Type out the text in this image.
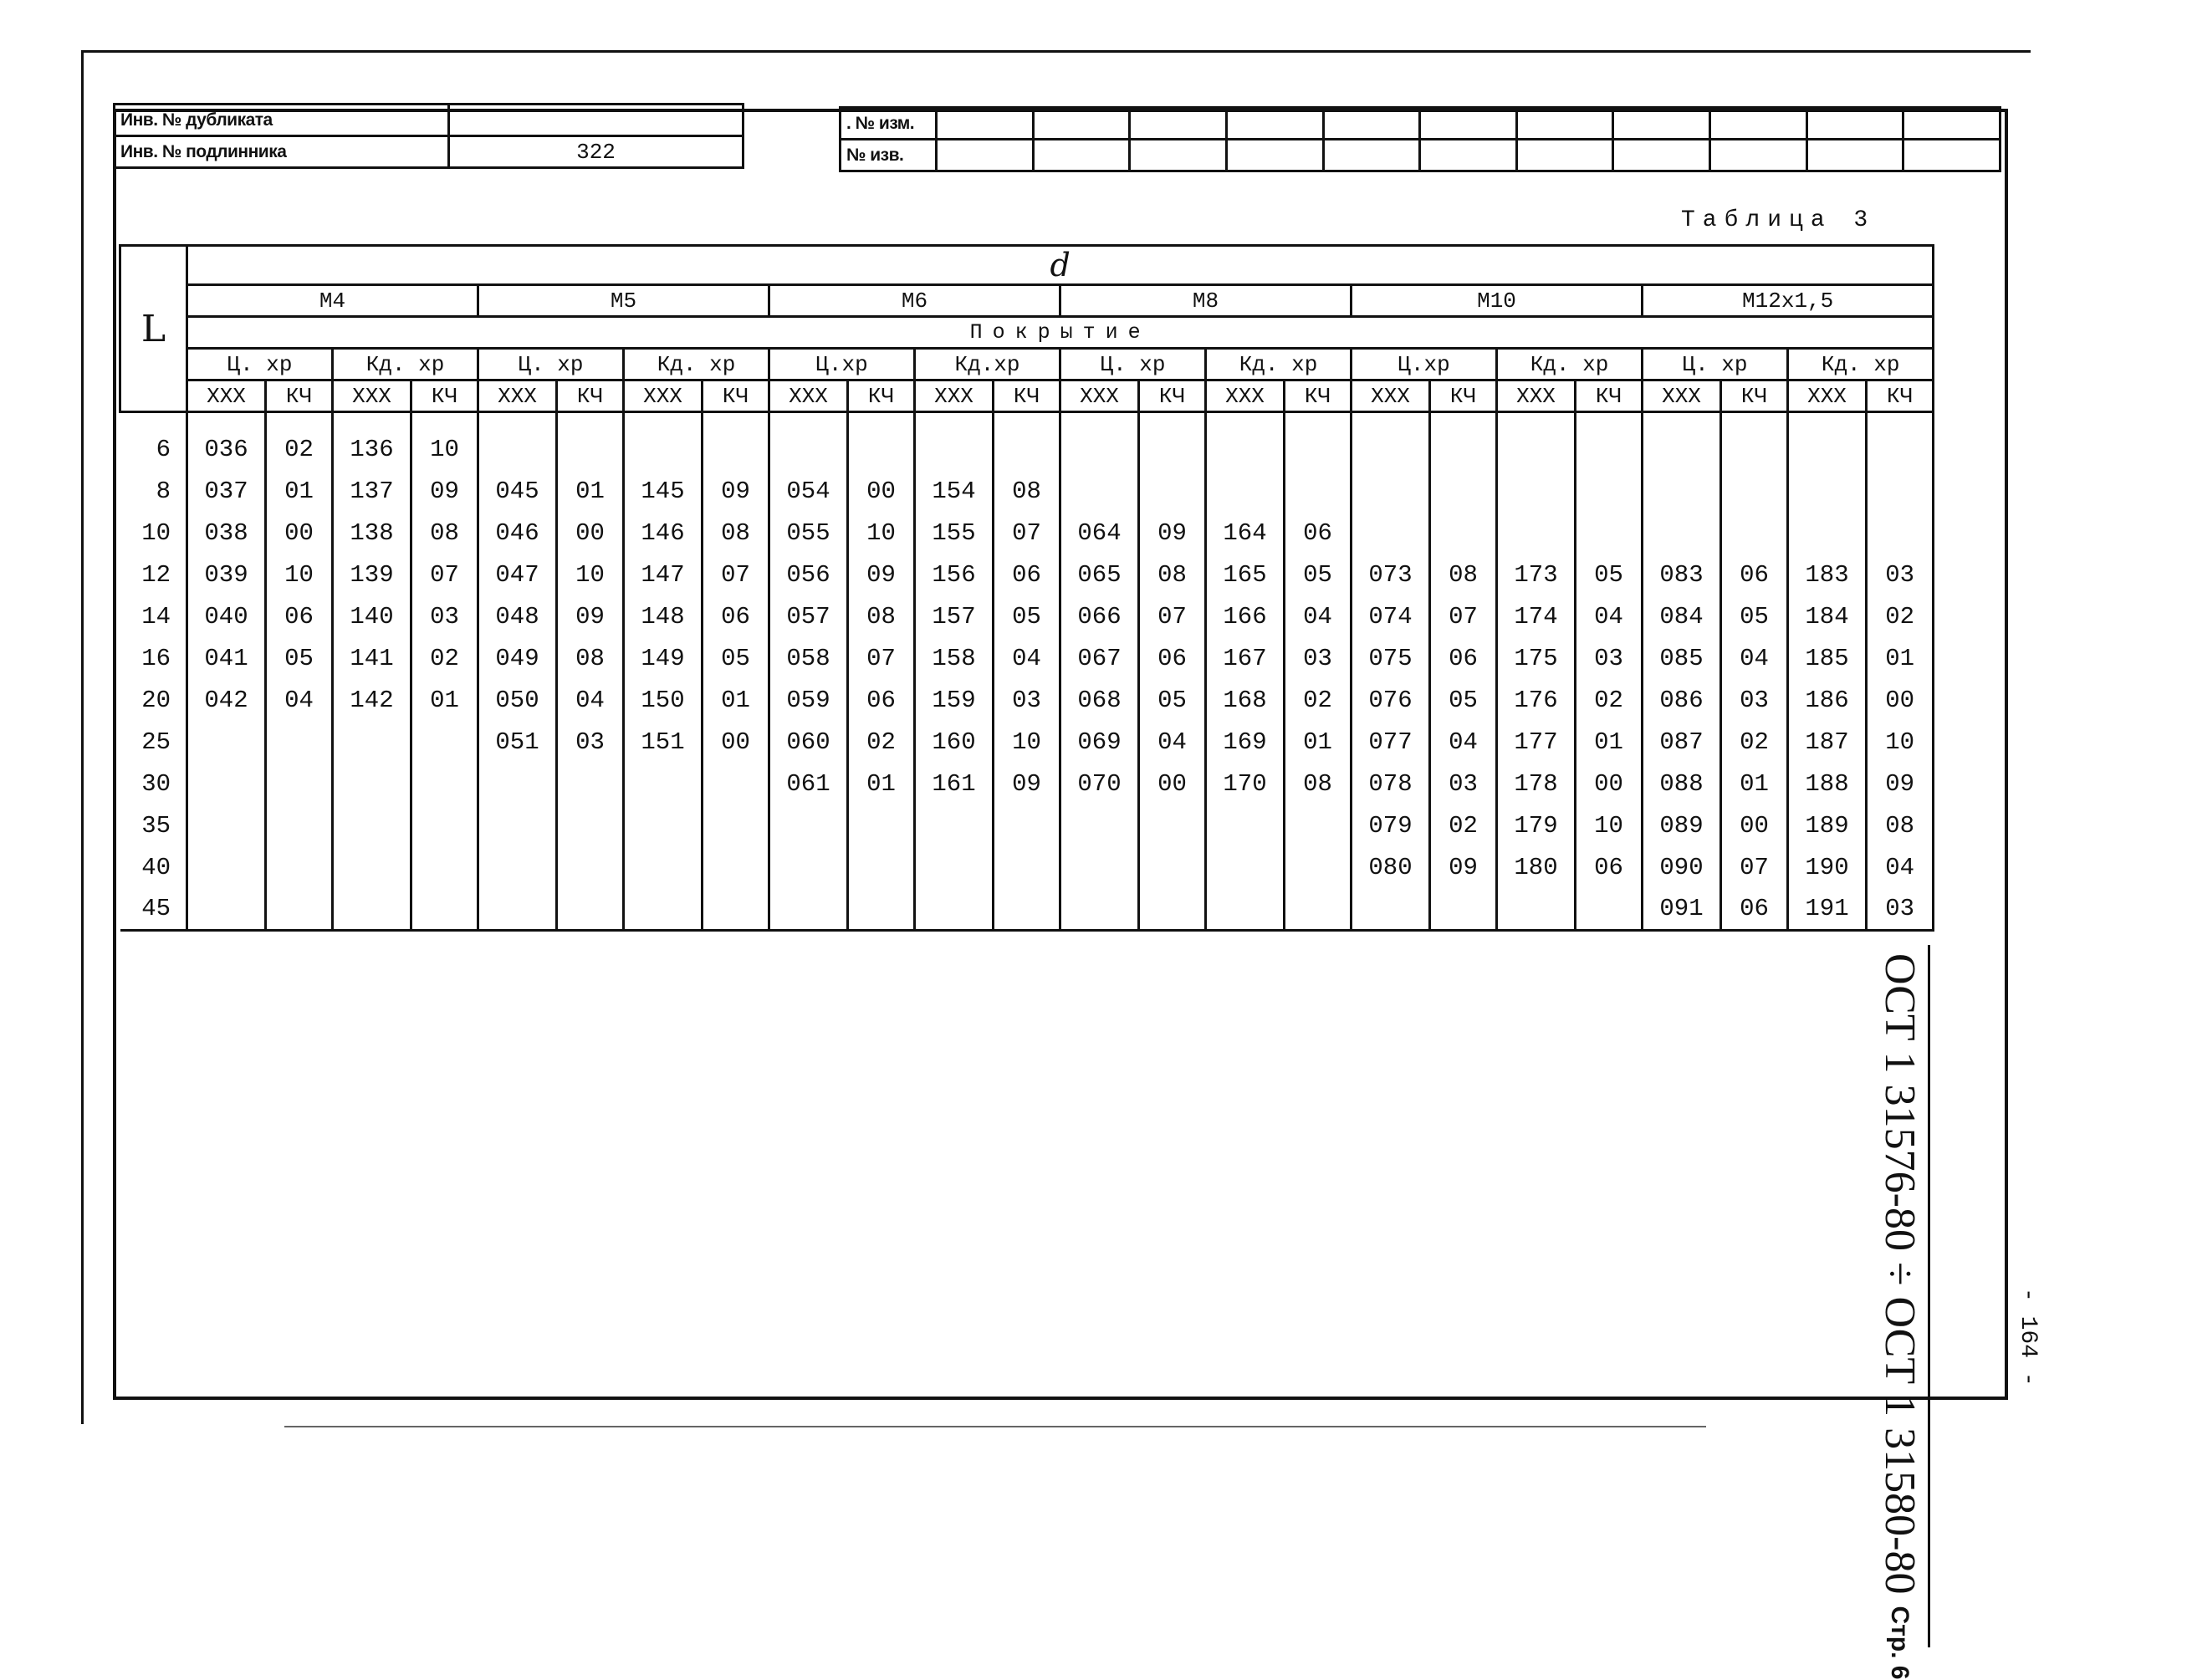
Инв. № дубликата	
Инв. № подлинника	322
. № изм.											
№ изв.											
Таблица 3
L	d																							
	М4				М5				М6				М8				М10				М12х1,5			
	Покрытие																							
	Ц. хр		Кд. хр		Ц. хр		Кд. хр		Ц.хр		Кд.хр		Ц. хр		Кд. хр		Ц.хр		Кд. хр		Ц. хр		Кд. хр	
	ХХХ	КЧ	ХХХ	КЧ	ХХХ	КЧ	ХХХ	КЧ	ХХХ	КЧ	ХХХ	КЧ	ХХХ	КЧ	ХХХ	КЧ	ХХХ	КЧ	ХХХ	КЧ	ХХХ	КЧ	ХХХ	КЧ

6	036	02	136	10																				
8	037	01	137	09	045	01	145	09	054	00	154	08												
10	038	00	138	08	046	00	146	08	055	10	155	07	064	09	164	06								
12	039	10	139	07	047	10	147	07	056	09	156	06	065	08	165	05	073	08	173	05	083	06	183	03
14	040	06	140	03	048	09	148	06	057	08	157	05	066	07	166	04	074	07	174	04	084	05	184	02
16	041	05	141	02	049	08	149	05	058	07	158	04	067	06	167	03	075	06	175	03	085	04	185	01
20	042	04	142	01	050	04	150	01	059	06	159	03	068	05	168	02	076	05	176	02	086	03	186	00
25					051	03	151	00	060	02	160	10	069	04	169	01	077	04	177	01	087	02	187	10
30									061	01	161	09	070	00	170	08	078	03	178	00	088	01	188	09
35																	079	02	179	10	089	00	189	08
40																	080	09	180	06	090	07	190	04
45																					091	06	191	03
ОСТ 1 31576-80 ÷ ОСТ 1 31580-80
Стр. 6
- 164 -
